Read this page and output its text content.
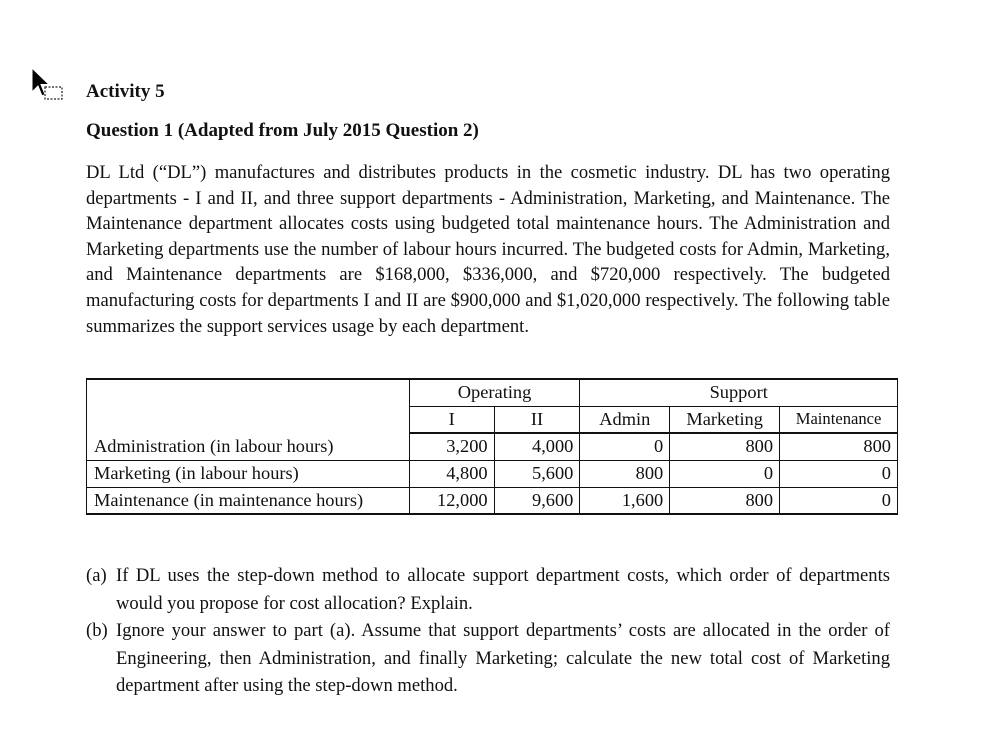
Activity 5
Question 1 (Adapted from July 2015 Question 2)

DL Ltd (“DL”) manufactures and distributes products in the cosmetic industry. DL has two operating departments - I and II, and three support departments - Administration, Marketing, and Maintenance. The Maintenance department allocates costs using budgeted total maintenance hours. The Administration and Marketing departments use the number of labour hours incurred. The budgeted costs for Admin, Marketing, and Maintenance departments are $168,000, $336,000, and $720,000 respectively. The budgeted manufacturing costs for departments I and II are $900,000 and $1,020,000 respectively. The following table summarizes the support services usage by each department.

	Operating		Support		
	I	II	Admin	Marketing	Maintenance
Administration (in labour hours)	3,200	4,000	0	800	800
Marketing (in labour hours)	4,800	5,600	800	0	0
Maintenance (in maintenance hours)	12,000	9,600	1,600	800	0
(a) If DL uses the step-down method to allocate support department costs, which order of departments would you propose for cost allocation? Explain.
(b) Ignore your answer to part (a). Assume that support departments’ costs are allocated in the order of Engineering, then Administration, and finally Marketing; calculate the new total cost of Marketing department after using the step-down method.
